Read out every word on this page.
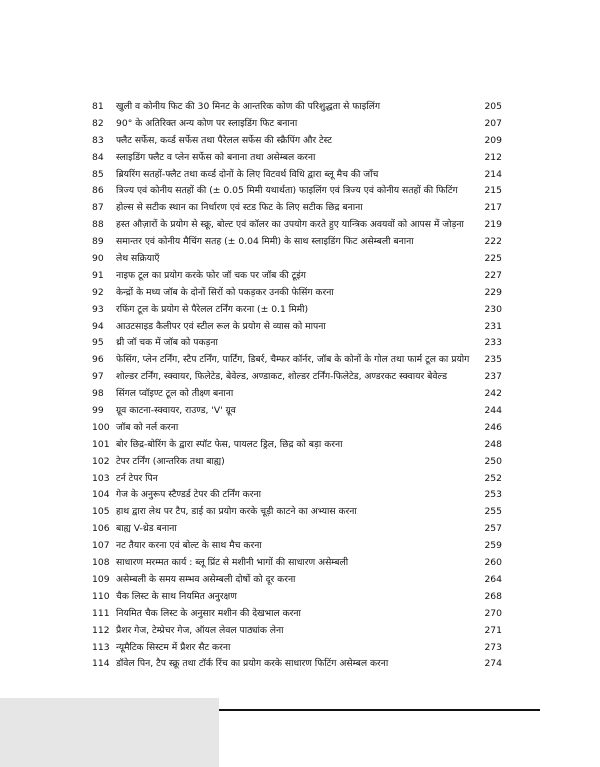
81	खुली व कोनीय फिट की 30 मिनट के आन्तरिक कोण की परिशुद्धता से फाइलिंग	205
82	90° के अतिरिक्त अन्य कोण पर स्लाइडिंग फिट बनाना	207
83	फ्लैट सर्फेस, कर्व्ड सर्फेस तथा पैरेलल सर्फेस की स्क्रैपिंग और टेस्ट	209
84	स्लाइडिंग फ्लैट व प्लेन सर्फेस को बनाना तथा असेम्बल करना	212
85	ब्रियरिंग सतहों-फ्लैट तथा कर्व्ड दोनों के लिए विटवर्थ विधि द्वारा ब्लू मैच की जाँच	214
86	त्रिज्य एवं कोनीय सतहों की (± 0.05 मिमी यथार्थता) फाइलिंग एवं त्रिज्य एवं कोनीय सतहों की फिटिंग	215
87	होल्स से सटीक स्थान का निर्धारण एवं स्टड फिट के लिए सटीक छिद्र बनाना	217
88	हस्त औज़ारों के प्रयोग से स्क्रू, बोल्ट एवं कॉलर का उपयोग करते हुए यान्त्रिक अवयवों को आपस में जोड़ना	219
89	समान्तर एवं कोनीय मैचिंग सतह (± 0.04 मिमी) के साथ स्लाइडिंग फिट असेम्बली बनाना	222
90	लेथ सक्रियाएँ	225
91	नाइफ टूल का प्रयोग करके फोर जॉ चक पर जॉब की टूइंग	227
92	केन्द्रों के मध्य जॉब के दोनों सिरों को पकड़कर उनकी फेसिंग करना	229
93	रफिंग टूल के प्रयोग से पैरेलल टर्निंग करना (± 0.1 मिमी)	230
94	आउटसाइड कैलीपर एवं स्टील रूल के प्रयोग से व्यास को मापना	231
95	थ्री जॉ चक में जॉब को पकड़ना	233
96	फेसिंग, प्लेन टर्निंग, स्टैप टर्निंग, पार्टिंग, डिबर्र, चैम्फर कॉर्नर, जॉब के कोनों के गोल तथा फार्म टूल का प्रयोग	235
97	शोल्डर टर्निंग, स्क्वायर, फिलेटेड, बेवेल्ड, अण्डाकट, शोल्डर टर्निंग-फिलेटेड, अण्डरकट स्क्वायर बेवेल्ड	237
98	सिंगल प्वॉइण्ट टूल को तीक्ष्ण बनाना	242
99	ग्रूव काटना-स्क्वायर, राउण्ड, 'V' ग्रूव	244
100 जॉब को नर्ल करना	246
101 बोर छिद्र-बोरिंग के द्वारा स्पॉट फेस, पायलट ड्रिल, छिद्र को बड़ा करना	248
102 टेपर टर्निंग (आन्तरिक तथा बाह्य)	250
103 टर्न टेपर पिन	252
104 गेज के अनुरूप स्टैण्डर्ड टेपर की टर्निंग करना	253
105 हाथ द्वारा लेथ पर टैप, डाई का प्रयोग करके चूड़ी काटने का अभ्यास करना	255
106 बाह्य V-थ्रेड बनाना	257
107 नट तैयार करना एवं बोल्ट के साथ मैच करना	259
108 साधारण मरम्मत कार्य : ब्लू प्रिंट से मशीनी भागों की साधारण असेम्बली	260
109 असेम्बली के समय सम्भव असेम्बली दोषों को दूर करना	264
110 चैक लिस्ट के साथ नियमित अनुरक्षण	268
111 नियमित चैक लिस्ट के अनुसार मशीन की देखभाल करना	270
112 प्रैशर गेज, टेम्प्रेचर गेज, ऑयल लेवल पाठ्यांक लेना	271
113 न्यूमैटिक सिस्टम में प्रैशर सैट करना	273
114 डॉवेल पिन, टैप स्क्रू तथा टॉर्क रिंच का प्रयोग करके साधारण फिटिंग असेम्बल करना	274
